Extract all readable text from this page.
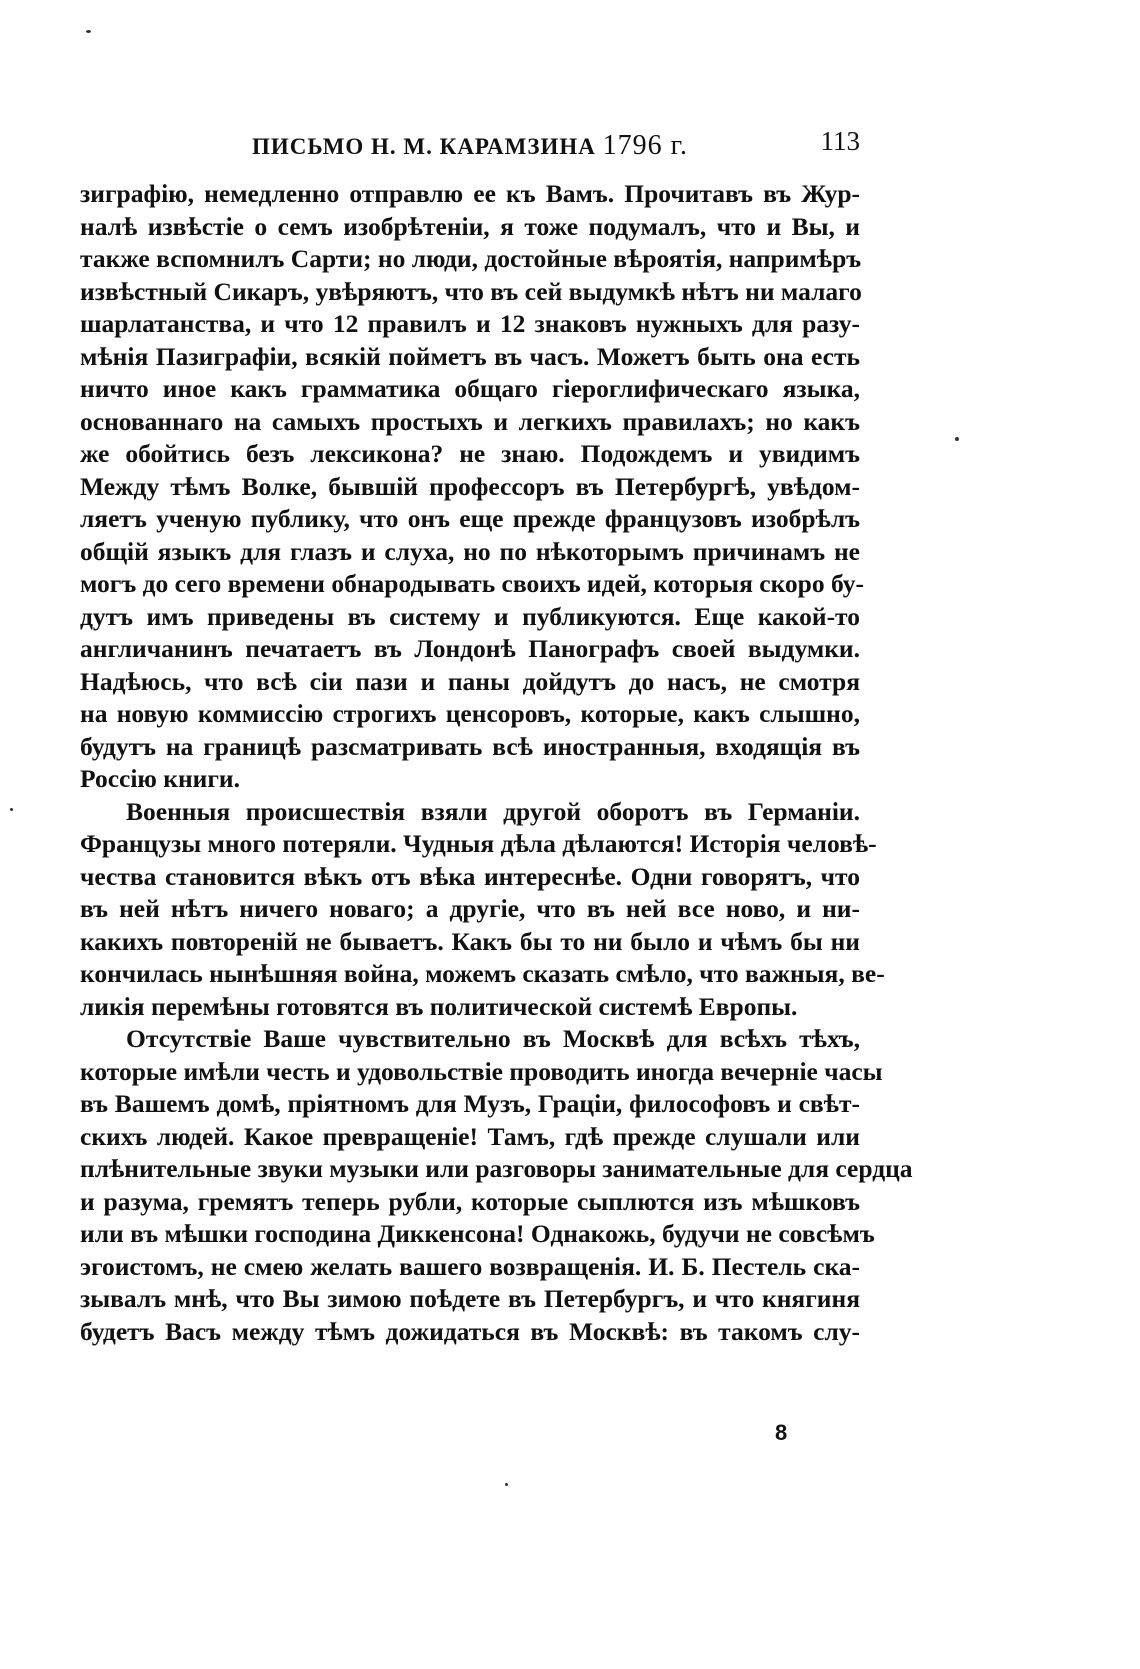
ПИСЬМО Н. М. КАРАМЗИНА 1796 г.	113
зиграфію, немедленно отправлю ее къ Вамъ. Прочитавъ въ Жур-
налѣ извѣстіе о семъ изобрѣтеніи, я тоже подумалъ, что и Вы, и
также вспомнилъ Сарти; но люди, достойные вѣроятія, напримѣръ
извѣстный Сикаръ, увѣряютъ, что въ сей выдумкѣ нѣтъ ни малаго
шарлатанства, и что 12 правилъ и 12 знаковъ нужныхъ для разу-
мѣнія Пазиграфіи, всякій пойметъ въ часъ. Можетъ быть она есть
ничто иное какъ грамматика общаго гіероглифическаго языка,
основаннаго на самыхъ простыхъ и легкихъ правилахъ; но какъ
же обойтись безъ лексикона? не знаю. Подождемъ и увидимъ
Между тѣмъ Волке, бывшій профессоръ въ Петербургѣ, увѣдом-
ляетъ ученую публику, что онъ еще прежде французовъ изобрѣлъ
общій языкъ для глазъ и слуха, но по нѣкоторымъ причинамъ не
могъ до сего времени обнародывать своихъ идей, которыя скоро бу-
дутъ имъ приведены въ систему и публикуются. Еще какой-то
англичанинъ печатаетъ въ Лондонѣ Панографъ своей выдумки.
Надѣюсь, что всѣ сіи пази и паны дойдутъ до насъ, не смотря
на новую коммиссію строгихъ ценсоровъ, которые, какъ слышно,
будутъ на границѣ разсматривать всѣ иностранныя, входящія въ
Россію книги.
Военныя происшествія взяли другой оборотъ въ Германіи.
Французы много потеряли. Чудныя дѣла дѣлаются! Исторія человѣ-
чества становится вѣкъ отъ вѣка интереснѣе. Одни говорятъ, что
въ ней нѣтъ ничего новаго; а другіе, что въ ней все ново, и ни-
какихъ повтореній не бываетъ. Какъ бы то ни было и чѣмъ бы ни
кончилась нынѣшняя война, можемъ сказать смѣло, что важныя, ве-
ликія перемѣны готовятся въ политической системѣ Европы.
Отсутствіе Ваше чувствительно въ Москвѣ для всѣхъ тѣхъ,
которые имѣли честь и удовольствіе проводить иногда вечерніе часы
въ Вашемъ домѣ, пріятномъ для Музъ, Граціи, философовъ и свѣт-
скихъ людей. Какое превращеніе! Тамъ, гдѣ прежде слушали или
плѣнительные звуки музыки или разговоры занимательные для сердца
и разума, гремятъ теперь рубли, которые сыплются изъ мѣшковъ
или въ мѣшки господина Диккенсона! Однакожь, будучи не совсѣмъ
эгоистомъ, не смею желать вашего возвращенія. И. Б. Пестель ска-
зывалъ мнѣ, что Вы зимою поѣдете въ Петербургъ, и что княгиня
будетъ Васъ между тѣмъ дожидаться въ Москвѣ: въ такомъ слу-
8
